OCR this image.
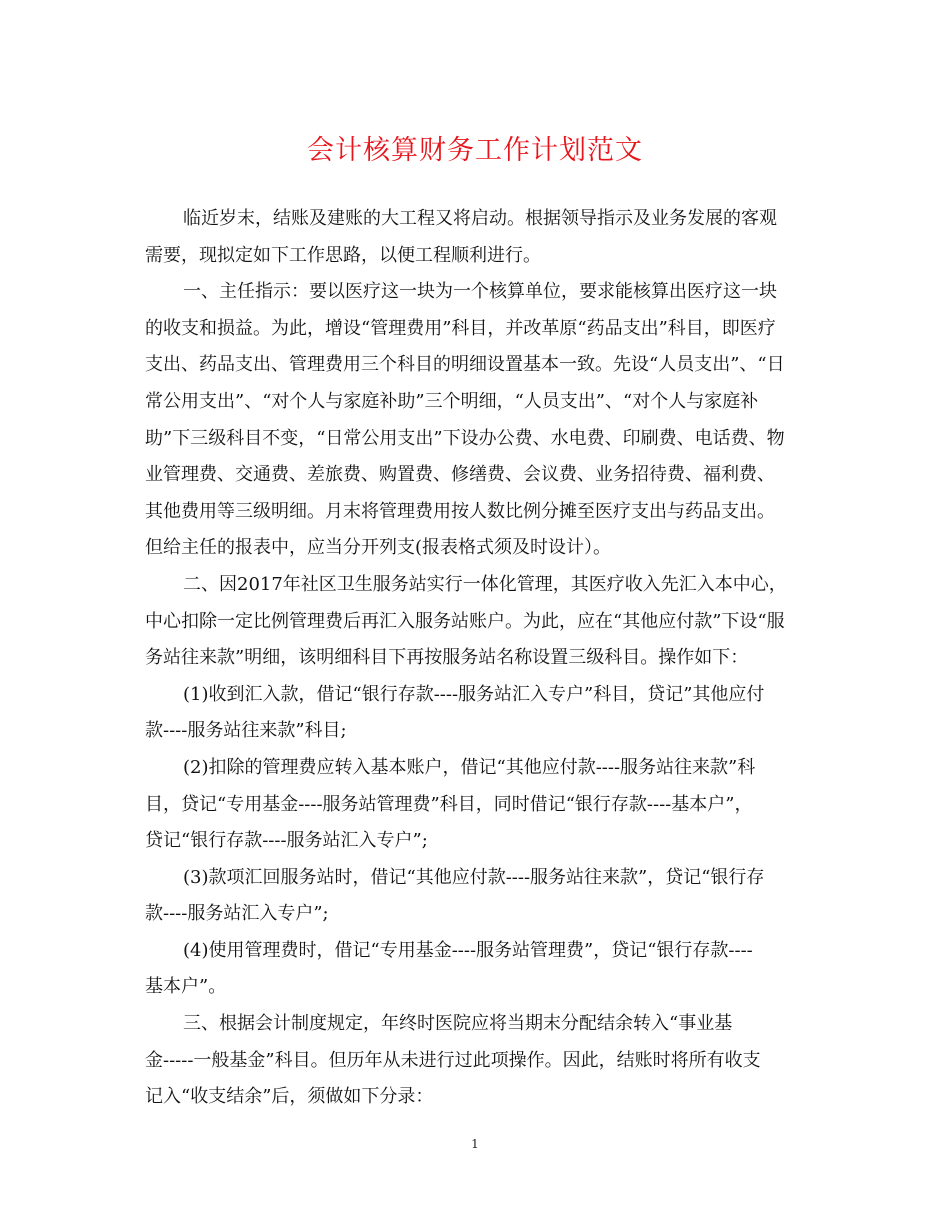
会计核算财务工作计划范文

临近岁末，结账及建账的大工程又将启动。根据领导指示及业务发展的客观
需要，现拟定如下工作思路，以便工程顺利进行。

一、主任指示：要以医疗这一块为一个核算单位，要求能核算出医疗这一块
的收支和损益。为此，增设“管理费用”科目，并改革原“药品支出”科目，即医疗
支出、药品支出、管理费用三个科目的明细设置基本一致。先设“人员支出”、“日
常公用支出”、“对个人与家庭补助”三个明细，“人员支出”、“对个人与家庭补
助”下三级科目不变，“日常公用支出”下设办公费、水电费、印刷费、电话费、物
业管理费、交通费、差旅费、购置费、修缮费、会议费、业务招待费、福利费、
其他费用等三级明细。月末将管理费用按人数比例分摊至医疗支出与药品支出。
但给主任的报表中，应当分开列支(报表格式须及时设计）。

二、因2017年社区卫生服务站实行一体化管理，其医疗收入先汇入本中心，
中心扣除一定比例管理费后再汇入服务站账户。为此，应在“其他应付款”下设“服
务站往来款”明细，该明细科目下再按服务站名称设置三级科目。操作如下：

(1)收到汇入款，借记“银行存款----服务站汇入专户”科目，贷记”其他应付
款----服务站往来款”科目;

(2)扣除的管理费应转入基本账户，借记“其他应付款----服务站往来款”科
目，贷记“专用基金----服务站管理费”科目，同时借记“银行存款----基本户”，
贷记“银行存款----服务站汇入专户”;

(3)款项汇回服务站时，借记“其他应付款----服务站往来款”，贷记“银行存
款----服务站汇入专户”;

(4)使用管理费时，借记“专用基金----服务站管理费”，贷记“银行存款----
基本户”。

三、根据会计制度规定，年终时医院应将当期末分配结余转入“事业基
金-----一般基金”科目。但历年从未进行过此项操作。因此，结账时将所有收支
记入“收支结余”后，须做如下分录：

1
